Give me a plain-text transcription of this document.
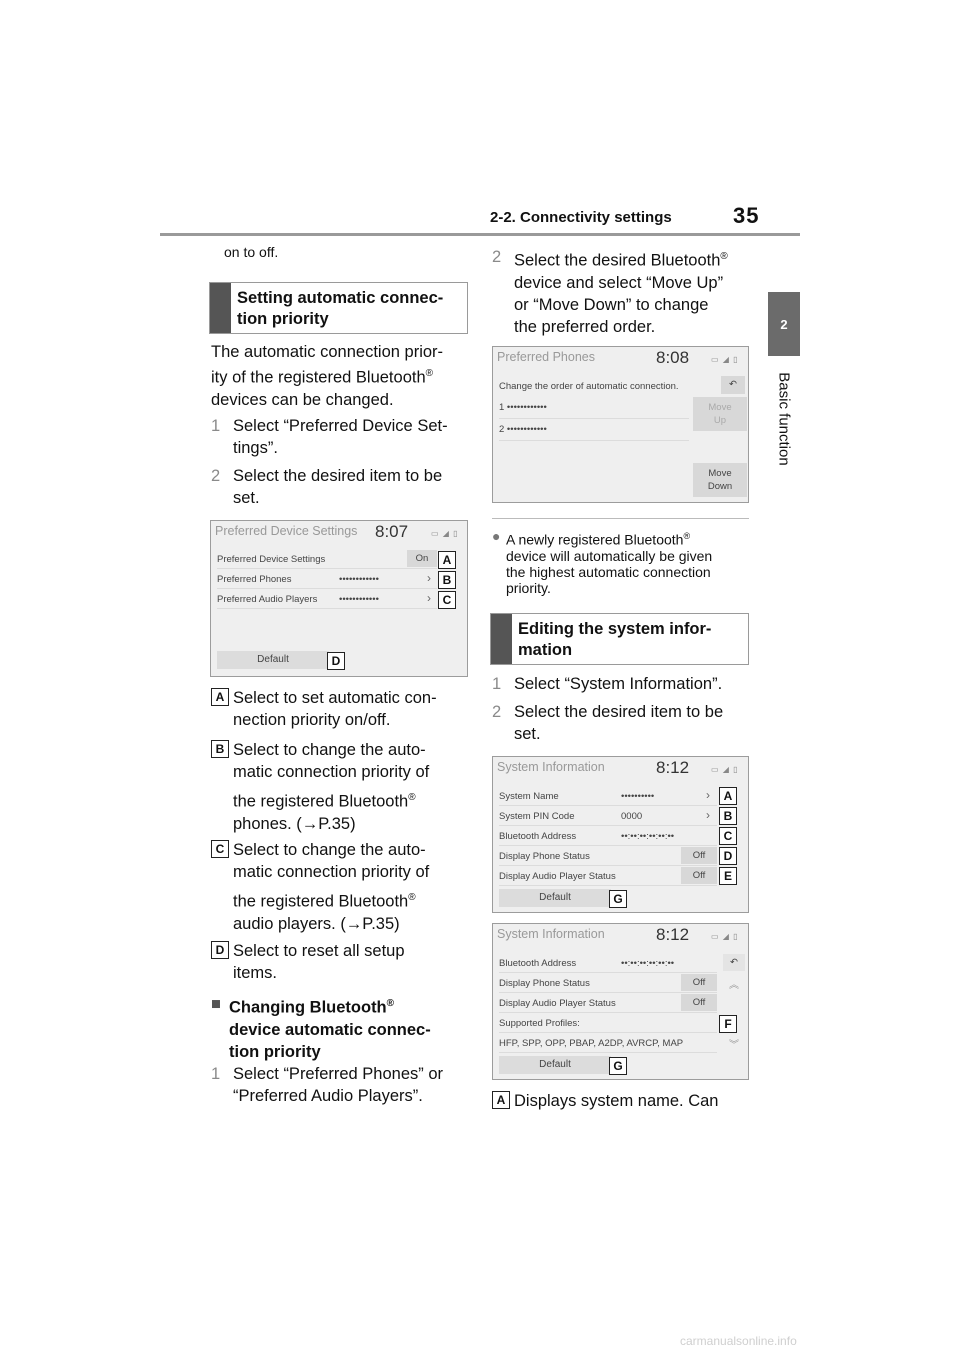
2-2. Connectivity settings	35
2
Basic function
on to off.
Setting automatic connec-
tion priority
The automatic connection prior-
ity of the registered Bluetooth®
devices can be changed.
1 Select “Preferred Device Set-
tings”.
2 Select the desired item to be
set.
Preferred Device Settings 8:07	▭ ◢ ▯
Preferred Device Settings	On
Preferred Phones	••••••••••••	›
Preferred Audio Players ••••••••••••	›
Default
A
B
C
D
A Select to set automatic con-
nection priority on/off.
B Select to change the auto-
matic connection priority of
the registered Bluetooth®
phones. (→P.35)
C Select to change the auto-
matic connection priority of
the registered Bluetooth®
audio players. (→P.35)
D Select to reset all setup
items.
■ Changing Bluetooth®
device automatic connec-
tion priority
1 Select “Preferred Phones” or
“Preferred Audio Players”.
2 Select the desired Bluetooth®
device and select “Move Up”
or “Move Down” to change
the preferred order.
Preferred Phones	8:08	▭ ◢ ▯
Change the order of automatic connection.	↶
1 ••••••••••••
2 ••••••••••••
Move
Up
Move
Down
● A newly registered Bluetooth®
device will automatically be given
the highest automatic connection
priority.
Editing the system infor-
mation
1 Select “System Information”.
2 Select the desired item to be
set.
System Information	8:12	▭ ◢ ▯
System Name	••••••••••	›
System PIN Code	0000	›
Bluetooth Address	••:••:••:••:••:••
Display Phone Status	Off
Display Audio Player Status	Off
Default
A
B
C
D
E
G
System Information	8:12	▭ ◢ ▯
Bluetooth Address	••:••:••:••:••:••
Display Phone Status	Off
Display Audio Player Status	Off
Supported Profiles:
HFP, SPP, OPP, PBAP, A2DP, AVRCP, MAP
↶
︽
︾
Default
F
G
A Displays system name. Can
carmanualsonline.info
